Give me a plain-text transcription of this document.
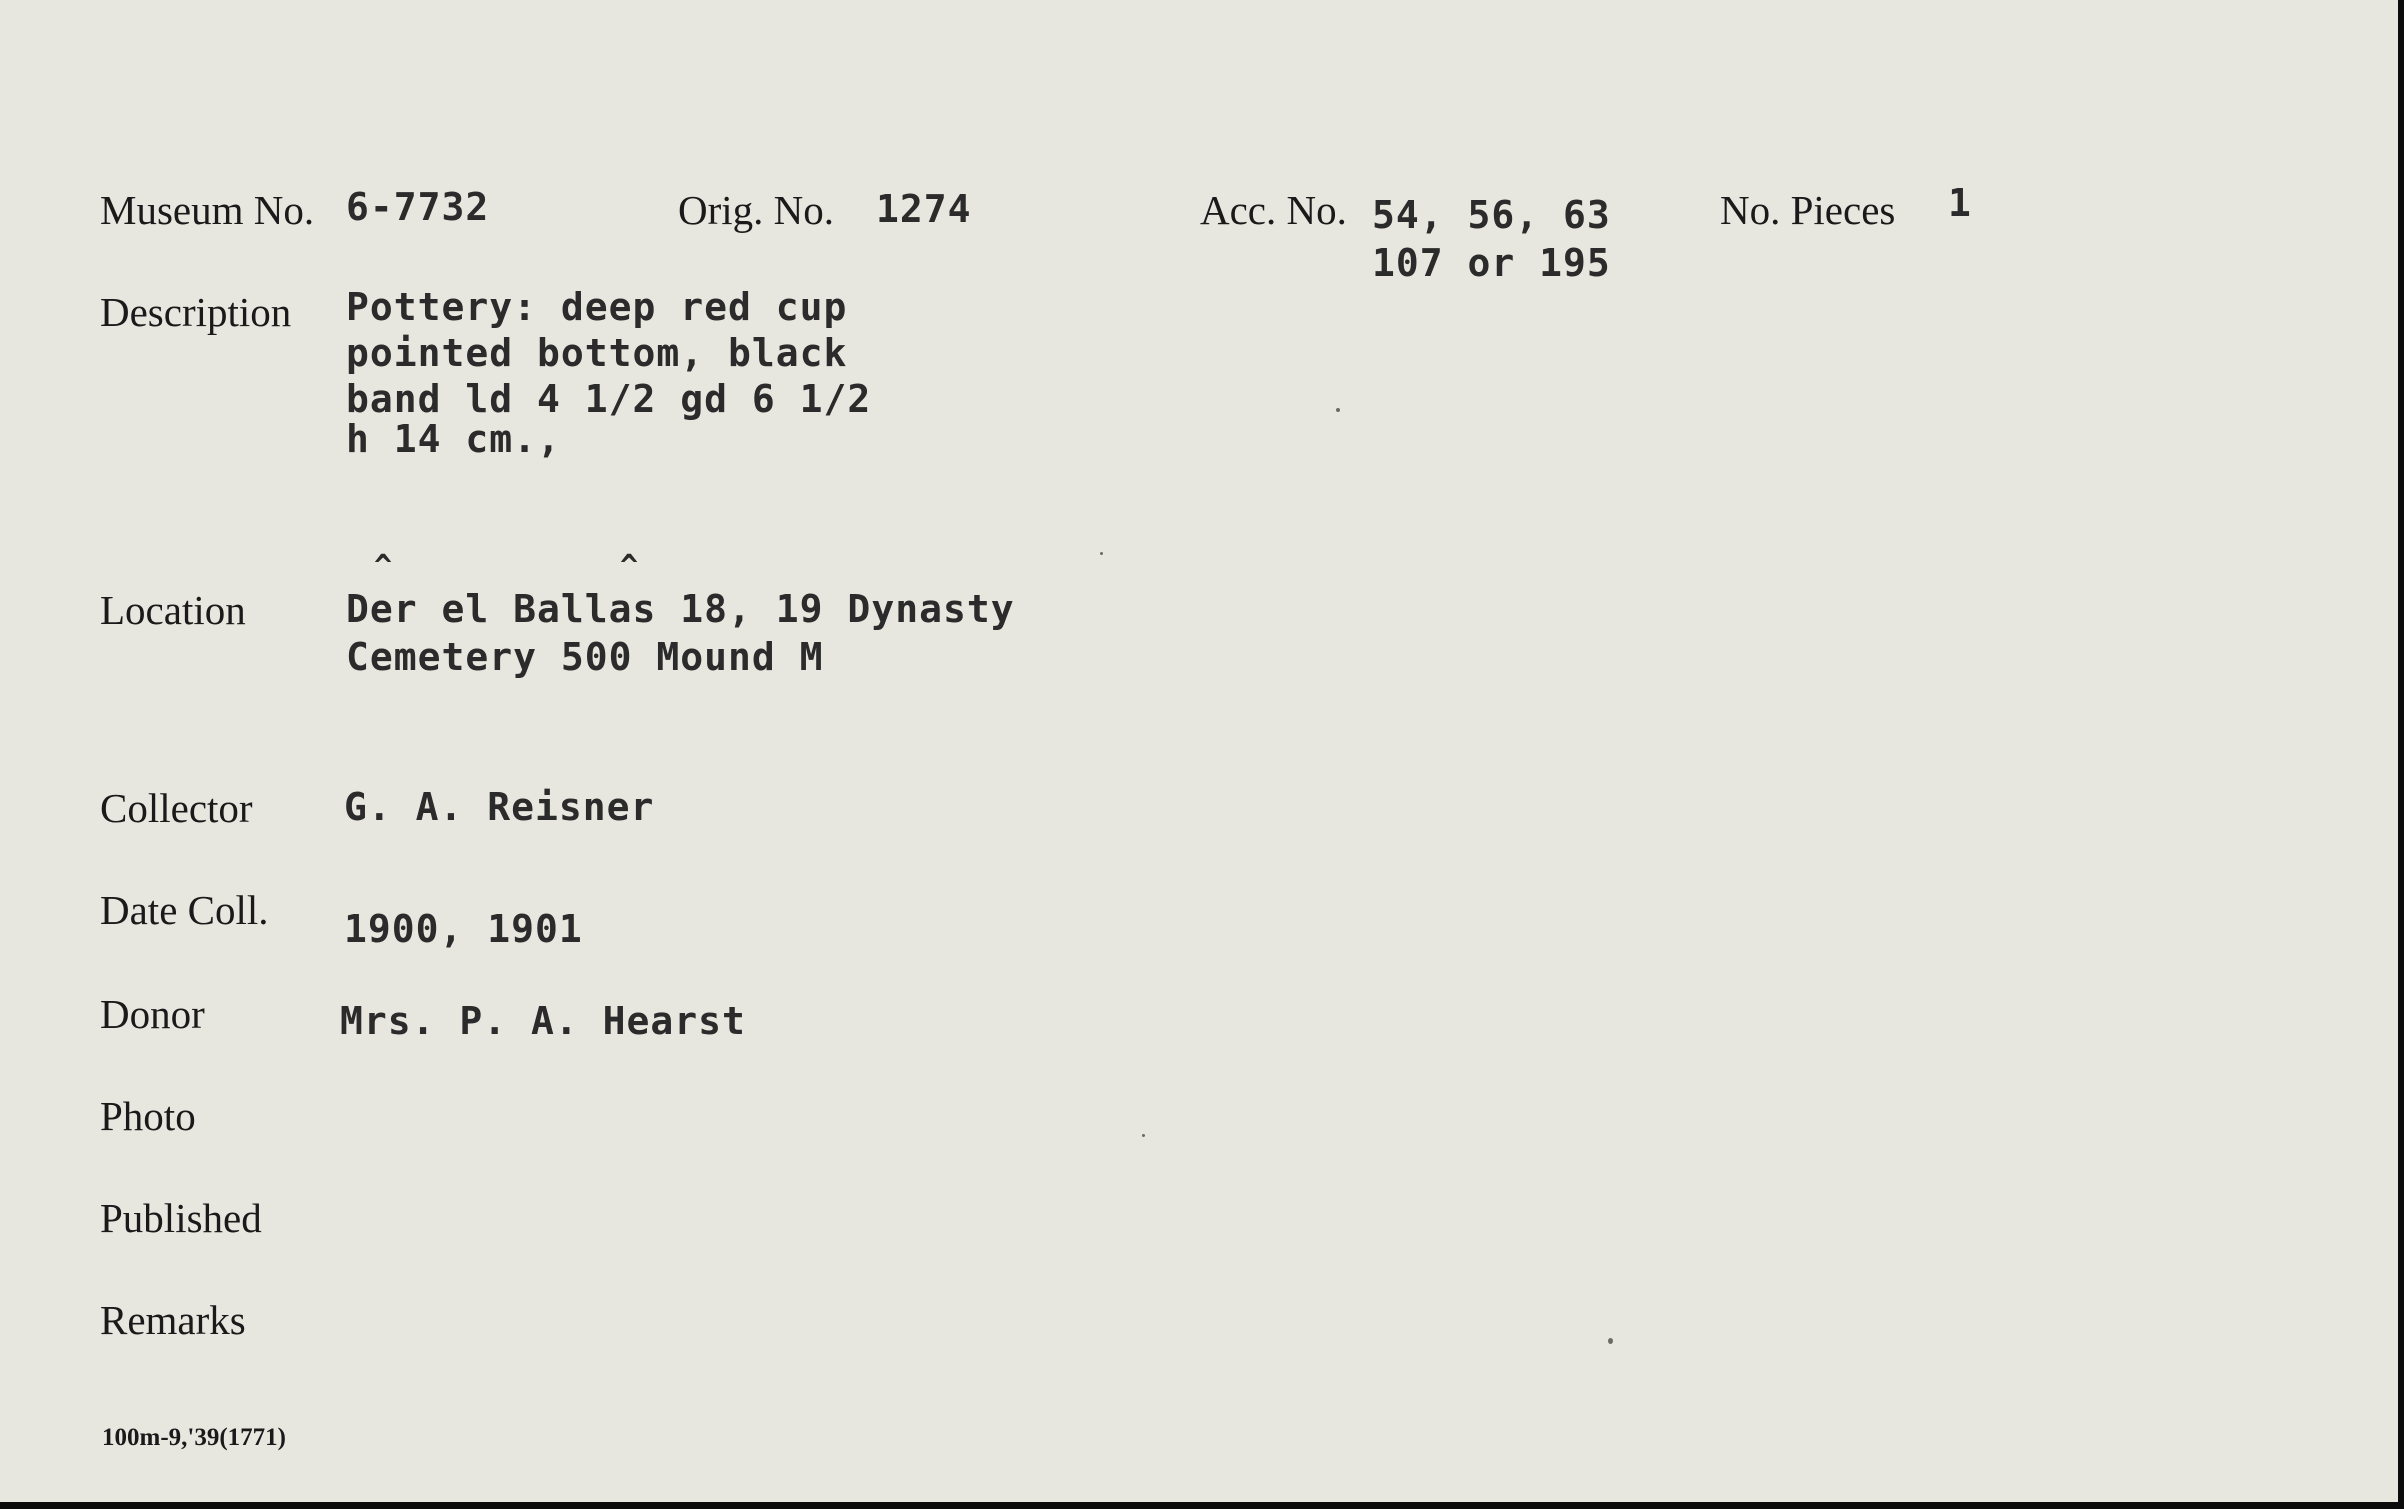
Museum No. 6-7732	Orig. No. 1274	Acc. No. 54, 56, 63
107 or 195
No. Pieces 1
Description Pottery: deep red cup
pointed bottom, black
band ld 4 1/2 gd 6 1/2
h 14 cm.,
^	^
Location	Der el Ballas 18, 19 Dynasty
Cemetery 500 Mound M
Collector G. A. Reisner
Date Coll. 1900, 1901
Donor	Mrs. P. A. Hearst
Photo
Published
Remarks
100m-9,'39(1771)
